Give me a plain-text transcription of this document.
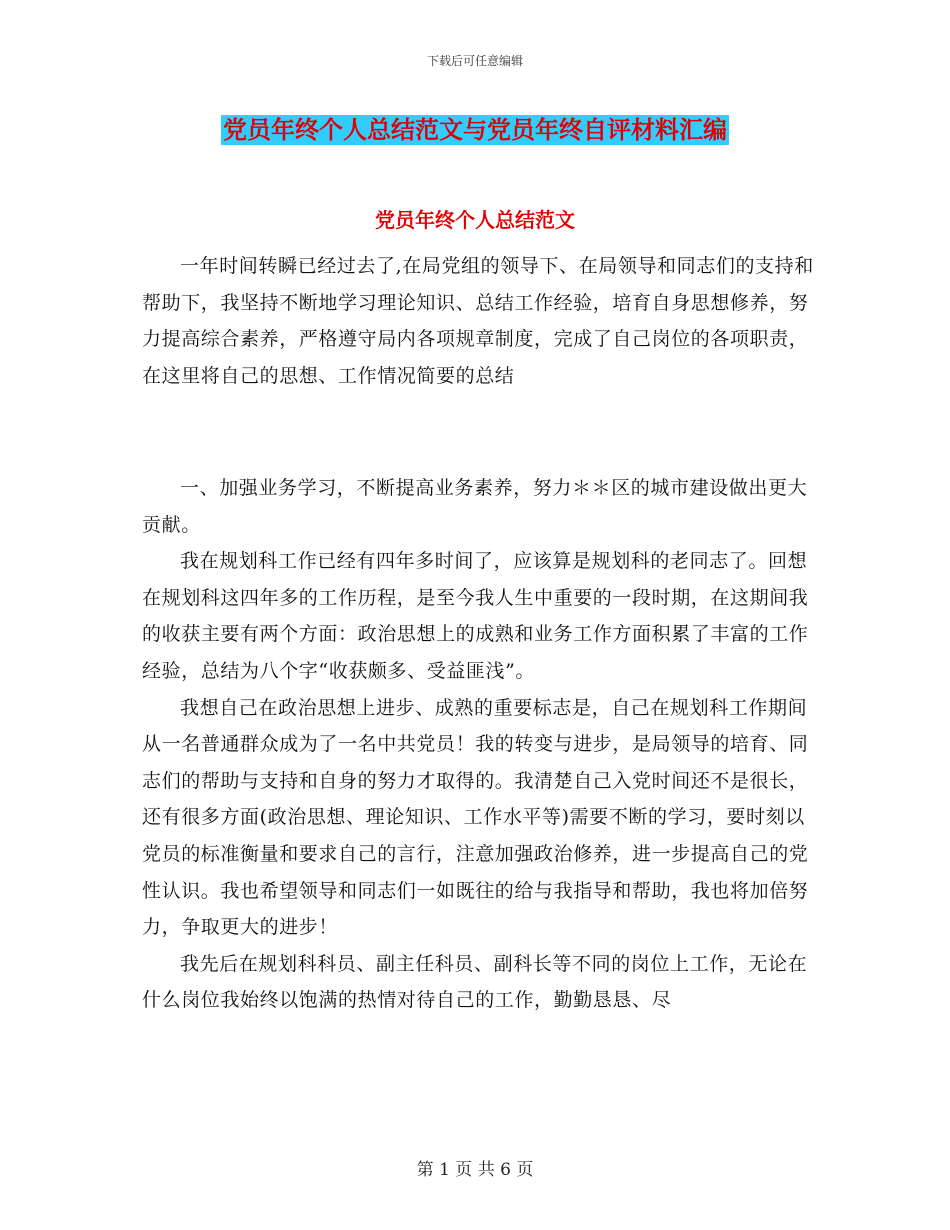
下载后可任意编辑
党员年终个人总结范文与党员年终自评材料汇编
党员年终个人总结范文

一年时间转瞬已经过去了,在局党组的领导下、在局领导和同志们的支持和帮助下，我坚持不断地学习理论知识、总结工作经验，培育自身思想修养，努力提高综合素养，严格遵守局内各项规章制度，完成了自己岗位的各项职责，在这里将自己的思想、工作情况简要的总结

一、加强业务学习，不断提高业务素养，努力＊＊区的城市建设做出更大贡献。

我在规划科工作已经有四年多时间了，应该算是规划科的老同志了。回想在规划科这四年多的工作历程，是至今我人生中重要的一段时期，在这期间我的收获主要有两个方面：政治思想上的成熟和业务工作方面积累了丰富的工作经验，总结为八个字“收获颇多、受益匪浅”。

我想自己在政治思想上进步、成熟的重要标志是，自己在规划科工作期间从一名普通群众成为了一名中共党员！我的转变与进步，是局领导的培育、同志们的帮助与支持和自身的努力才取得的。我清楚自己入党时间还不是很长，还有很多方面(政治思想、理论知识、工作水平等)需要不断的学习，要时刻以党员的标准衡量和要求自己的言行，注意加强政治修养，进一步提高自己的党性认识。我也希望领导和同志们一如既往的给与我指导和帮助，我也将加倍努力，争取更大的进步！

我先后在规划科科员、副主任科员、副科长等不同的岗位上工作，无论在什么岗位我始终以饱满的热情对待自己的工作，勤勤恳恳、尽

第 1 页 共 6 页
